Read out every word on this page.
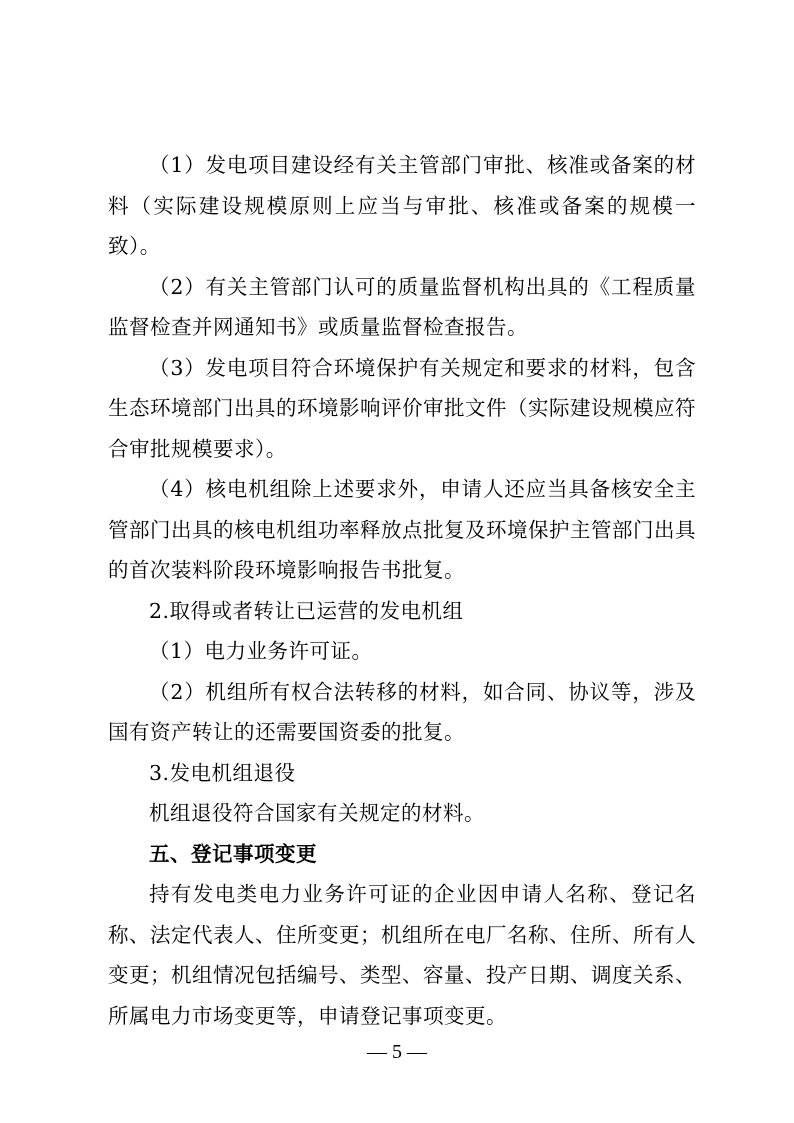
（1）发电项目建设经有关主管部门审批、核准或备案的材料（实际建设规模原则上应当与审批、核准或备案的规模一致）。

（2）有关主管部门认可的质量监督机构出具的《工程质量监督检查并网通知书》或质量监督检查报告。

（3）发电项目符合环境保护有关规定和要求的材料，包含生态环境部门出具的环境影响评价审批文件（实际建设规模应符合审批规模要求）。

（4）核电机组除上述要求外，申请人还应当具备核安全主管部门出具的核电机组功率释放点批复及环境保护主管部门出具的首次装料阶段环境影响报告书批复。

2.取得或者转让已运营的发电机组

（1）电力业务许可证。

（2）机组所有权合法转移的材料，如合同、协议等，涉及国有资产转让的还需要国资委的批复。

3.发电机组退役

机组退役符合国家有关规定的材料。

五、登记事项变更

持有发电类电力业务许可证的企业因申请人名称、登记名称、法定代表人、住所变更；机组所在电厂名称、住所、所有人变更；机组情况包括编号、类型、容量、投产日期、调度关系、所属电力市场变更等，申请登记事项变更。

— 5 —
